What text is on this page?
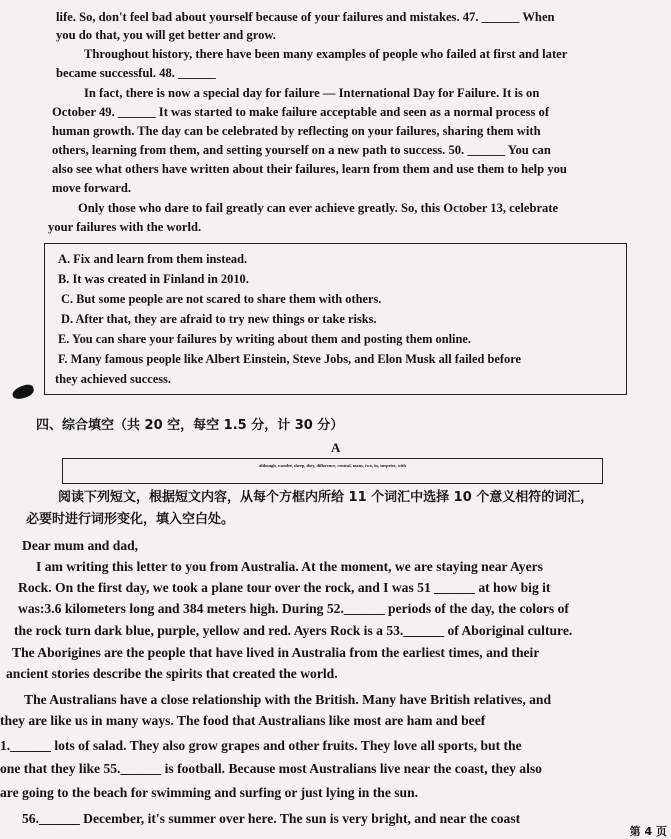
life. So, don't feel bad about yourself because of your failures and mistakes. 47. ______ When

you do that, you will get better and grow.

Throughout history, there have been many examples of people who failed at first and later

became successful. 48. ______

In fact, there is now a special day for failure — International Day for Failure. It is on

October 49. ______ It was started to make failure acceptable and seen as a normal process of

human growth. The day can be celebrated by reflecting on your failures, sharing them with

others, learning from them, and setting yourself on a new path to success. 50. ______ You can

also see what others have written about their failures, learn from them and use them to help you

move forward.

Only those who dare to fail greatly can ever achieve greatly. So, this October 13, celebrate

your failures with the world.

A. Fix and learn from them instead.
B. It was created in Finland in 2010.
C. But some people are not scared to share them with others.
D. After that, they are afraid to try new things or take risks.
E. You can share your failures by writing about them and posting them online.
F. Many famous people like Albert Einstein, Steve Jobs, and Elon Musk all failed before
they achieved success.
四、综合填空（共 20 空，每空 1.5 分，计 30 分）
A
although, wonder, sheep, they, difference, central, many, two, in, surprise, with
阅读下列短文，根据短文内容，从每个方框内所给 11 个词汇中选择 10 个意义相符的词汇，
必要时进行词形变化，填入空白处。

Dear mum and dad,

I am writing this letter to you from Australia. At the moment, we are staying near Ayers

Rock. On the first day, we took a plane tour over the rock, and I was 51 ______ at how big it

was:3.6 kilometers long and 384 meters high. During 52.______ periods of the day, the colors of

the rock turn dark blue, purple, yellow and red. Ayers Rock is a 53.______ of Aboriginal culture.

The Aborigines are the people that have lived in Australia from the earliest times, and their

ancient stories describe the spirits that created the world.

The Australians have a close relationship with the British. Many have British relatives, and

they are like us in many ways. The food that Australians like most are ham and beef

1.______ lots of salad. They also grow grapes and other fruits. They love all sports, but the

one that they like 55.______ is football. Because most Australians live near the coast, they also

are going to the beach for swimming and surfing or just lying in the sun.

56.______ December, it's summer over here. The sun is very bright, and near the coast

第 4 页
